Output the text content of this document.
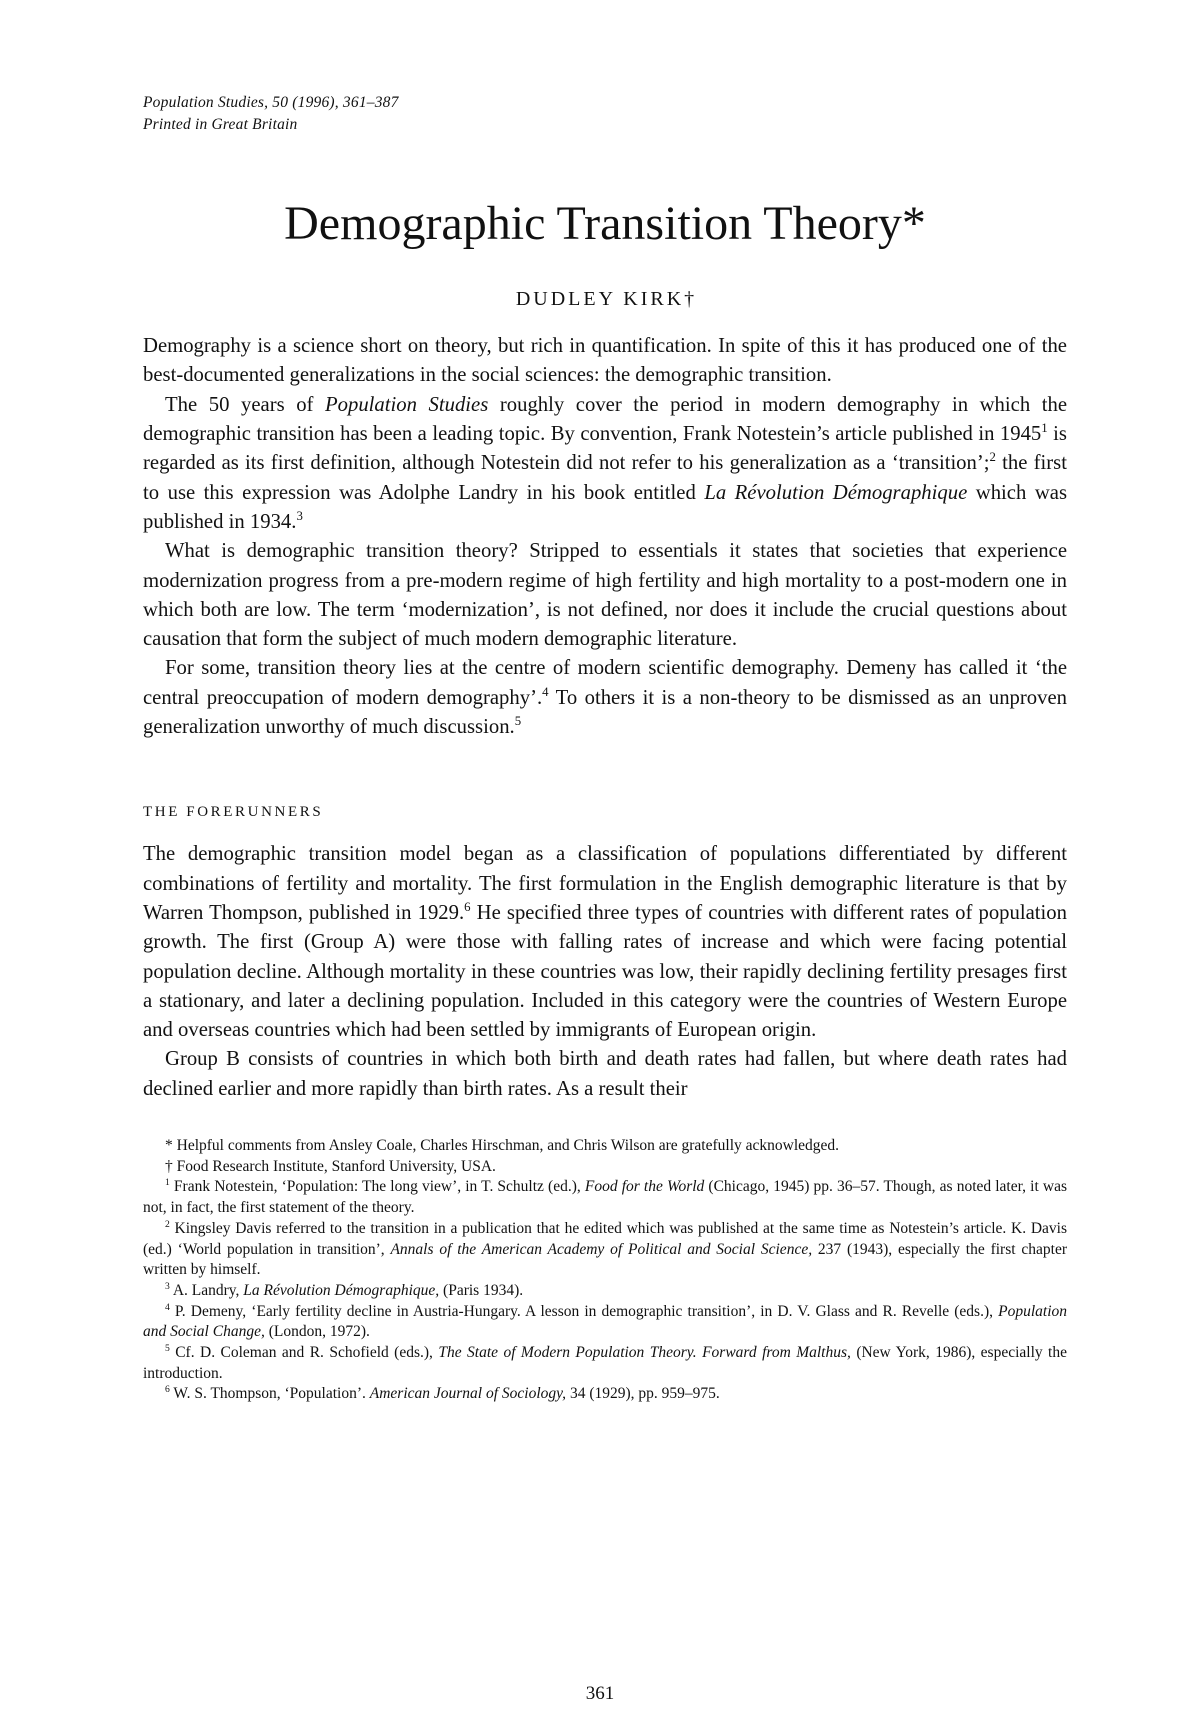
Population Studies, 50 (1996), 361–387
Printed in Great Britain
Demographic Transition Theory*
DUDLEY KIRK†

Demography is a science short on theory, but rich in quantification. In spite of this it has produced one of the best-documented generalizations in the social sciences: the demographic transition.

The 50 years of Population Studies roughly cover the period in modern demography in which the demographic transition has been a leading topic. By convention, Frank Notestein’s article published in 1945$^1$ is regarded as its first definition, although Notestein did not refer to his generalization as a ‘transition’;$^2$ the first to use this expression was Adolphe Landry in his book entitled La Révolution Démographique which was published in 1934.$^3$

What is demographic transition theory? Stripped to essentials it states that societies that experience modernization progress from a pre-modern regime of high fertility and high mortality to a post-modern one in which both are low. The term ‘modernization’, is not defined, nor does it include the crucial questions about causation that form the subject of much modern demographic literature.

For some, transition theory lies at the centre of modern scientific demography. Demeny has called it ‘the central preoccupation of modern demography’.$^4$ To others it is a non-theory to be dismissed as an unproven generalization unworthy of much discussion.$^5$

THE FORERUNNERS

The demographic transition model began as a classification of populations differentiated by different combinations of fertility and mortality. The first formulation in the English demographic literature is that by Warren Thompson, published in 1929.$^6$ He specified three types of countries with different rates of population growth. The first (Group A) were those with falling rates of increase and which were facing potential population decline. Although mortality in these countries was low, their rapidly declining fertility presages first a stationary, and later a declining population. Included in this category were the countries of Western Europe and overseas countries which had been settled by immigrants of European origin.

Group B consists of countries in which both birth and death rates had fallen, but where death rates had declined earlier and more rapidly than birth rates. As a result their

* Helpful comments from Ansley Coale, Charles Hirschman, and Chris Wilson are gratefully acknowledged.

† Food Research Institute, Stanford University, USA.

$^1$ Frank Notestein, ‘Population: The long view’, in T. Schultz (ed.), Food for the World (Chicago, 1945) pp. 36–57. Though, as noted later, it was not, in fact, the first statement of the theory.

$^2$ Kingsley Davis referred to the transition in a publication that he edited which was published at the same time as Notestein’s article. K. Davis (ed.) ‘World population in transition’, Annals of the American Academy of Political and Social Science, 237 (1943), especially the first chapter written by himself.

$^3$ A. Landry, La Révolution Démographique, (Paris 1934).

$^4$ P. Demeny, ‘Early fertility decline in Austria-Hungary. A lesson in demographic transition’, in D. V. Glass and R. Revelle (eds.), Population and Social Change, (London, 1972).

$^5$ Cf. D. Coleman and R. Schofield (eds.), The State of Modern Population Theory. Forward from Malthus, (New York, 1986), especially the introduction.

$^6$ W. S. Thompson, ‘Population’. American Journal of Sociology, 34 (1929), pp. 959–975.

361
